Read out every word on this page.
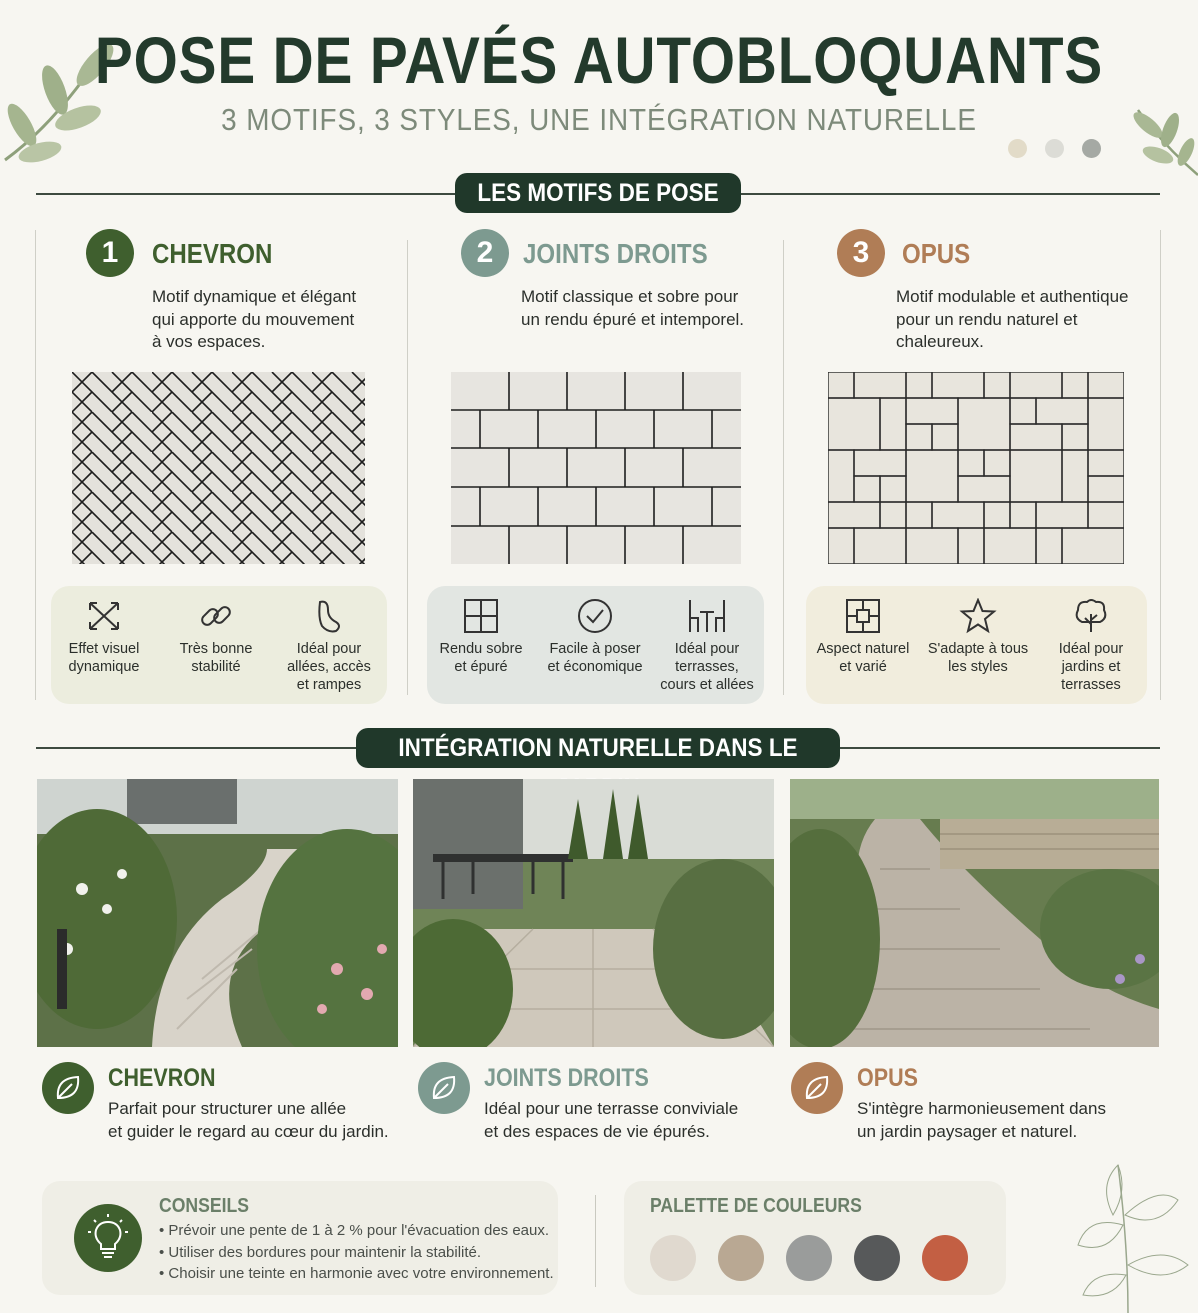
POSE DE PAVÉS AUTOBLOQUANTS
3 MOTIFS, 3 STYLES, UNE INTÉGRATION NATURELLE
LES MOTIFS DE POSE
1	CHEVRON
Motif dynamique et élégant
qui apporte du mouvement
à vos espaces.
Effet visuel
dynamique
Très bonne
stabilité
Idéal pour
allées, accès
et rampes
2	JOINTS DROITS
Motif classique et sobre pour
un rendu épuré et intemporel.
Rendu sobre
et épuré
Facile à poser
et économique
Idéal pour
terrasses,
cours et allées
3	OPUS
Motif modulable et authentique
pour un rendu naturel et
chaleureux.
Aspect naturel
et varié
S'adapte à tous
les styles
Idéal pour
jardins et
terrasses
INTÉGRATION NATURELLE DANS LE
CHEVRON
Parfait pour structurer une allée
et guider le regard au cœur du jardin.
JOINTS DROITS
Idéal pour une terrasse conviviale
et des espaces de vie épurés.
OPUS
S'intègre harmonieusement dans
un jardin paysager et naturel.
CONSEILS
• Prévoir une pente de 1 à 2 % pour l'évacuation des eaux.
• Utiliser des bordures pour maintenir la stabilité.
• Choisir une teinte en harmonie avec votre environnement.
PALETTE DE COULEURS
